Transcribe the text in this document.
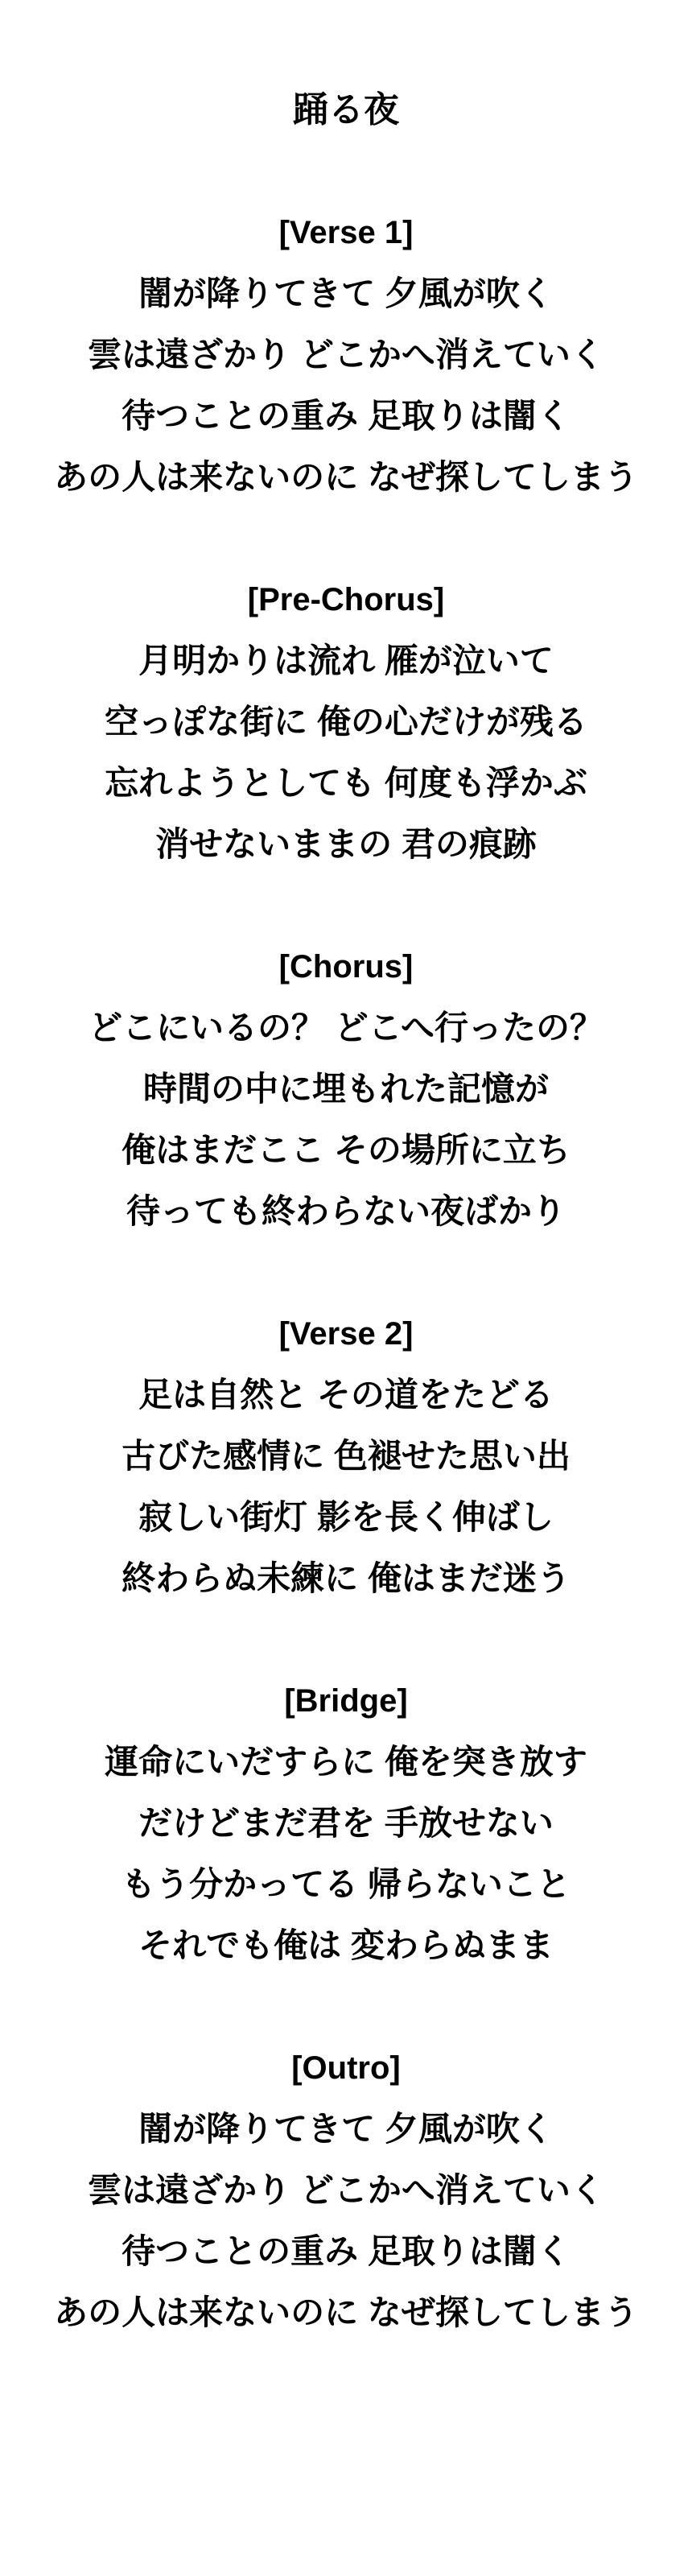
踊る夜
[Verse 1]
闇が降りてきて 夕風が吹く
雲は遠ざかり どこかへ消えていく
待つことの重み 足取りは闇く
あの人は来ないのに なぜ探してしまう
[Pre-Chorus]
月明かりは流れ 雁が泣いて
空っぽな街に 俺の心だけが残る
忘れようとしても 何度も浮かぶ
消せないままの 君の痕跡
[Chorus]
どこにいるの？ どこへ行ったの？
時間の中に埋もれた記憶が
俺はまだここ その場所に立ち
待っても終わらない夜ばかり
[Verse 2]
足は自然と その道をたどる
古びた感情に 色褪せた思い出
寂しい街灯 影を長く伸ばし
終わらぬ未練に 俺はまだ迷う
[Bridge]
運命にいだすらに 俺を突き放す
だけどまだ君を 手放せない
もう分かってる 帰らないこと
それでも俺は 変わらぬまま
[Outro]
闇が降りてきて 夕風が吹く
雲は遠ざかり どこかへ消えていく
待つことの重み 足取りは闇く
あの人は来ないのに なぜ探してしまう
